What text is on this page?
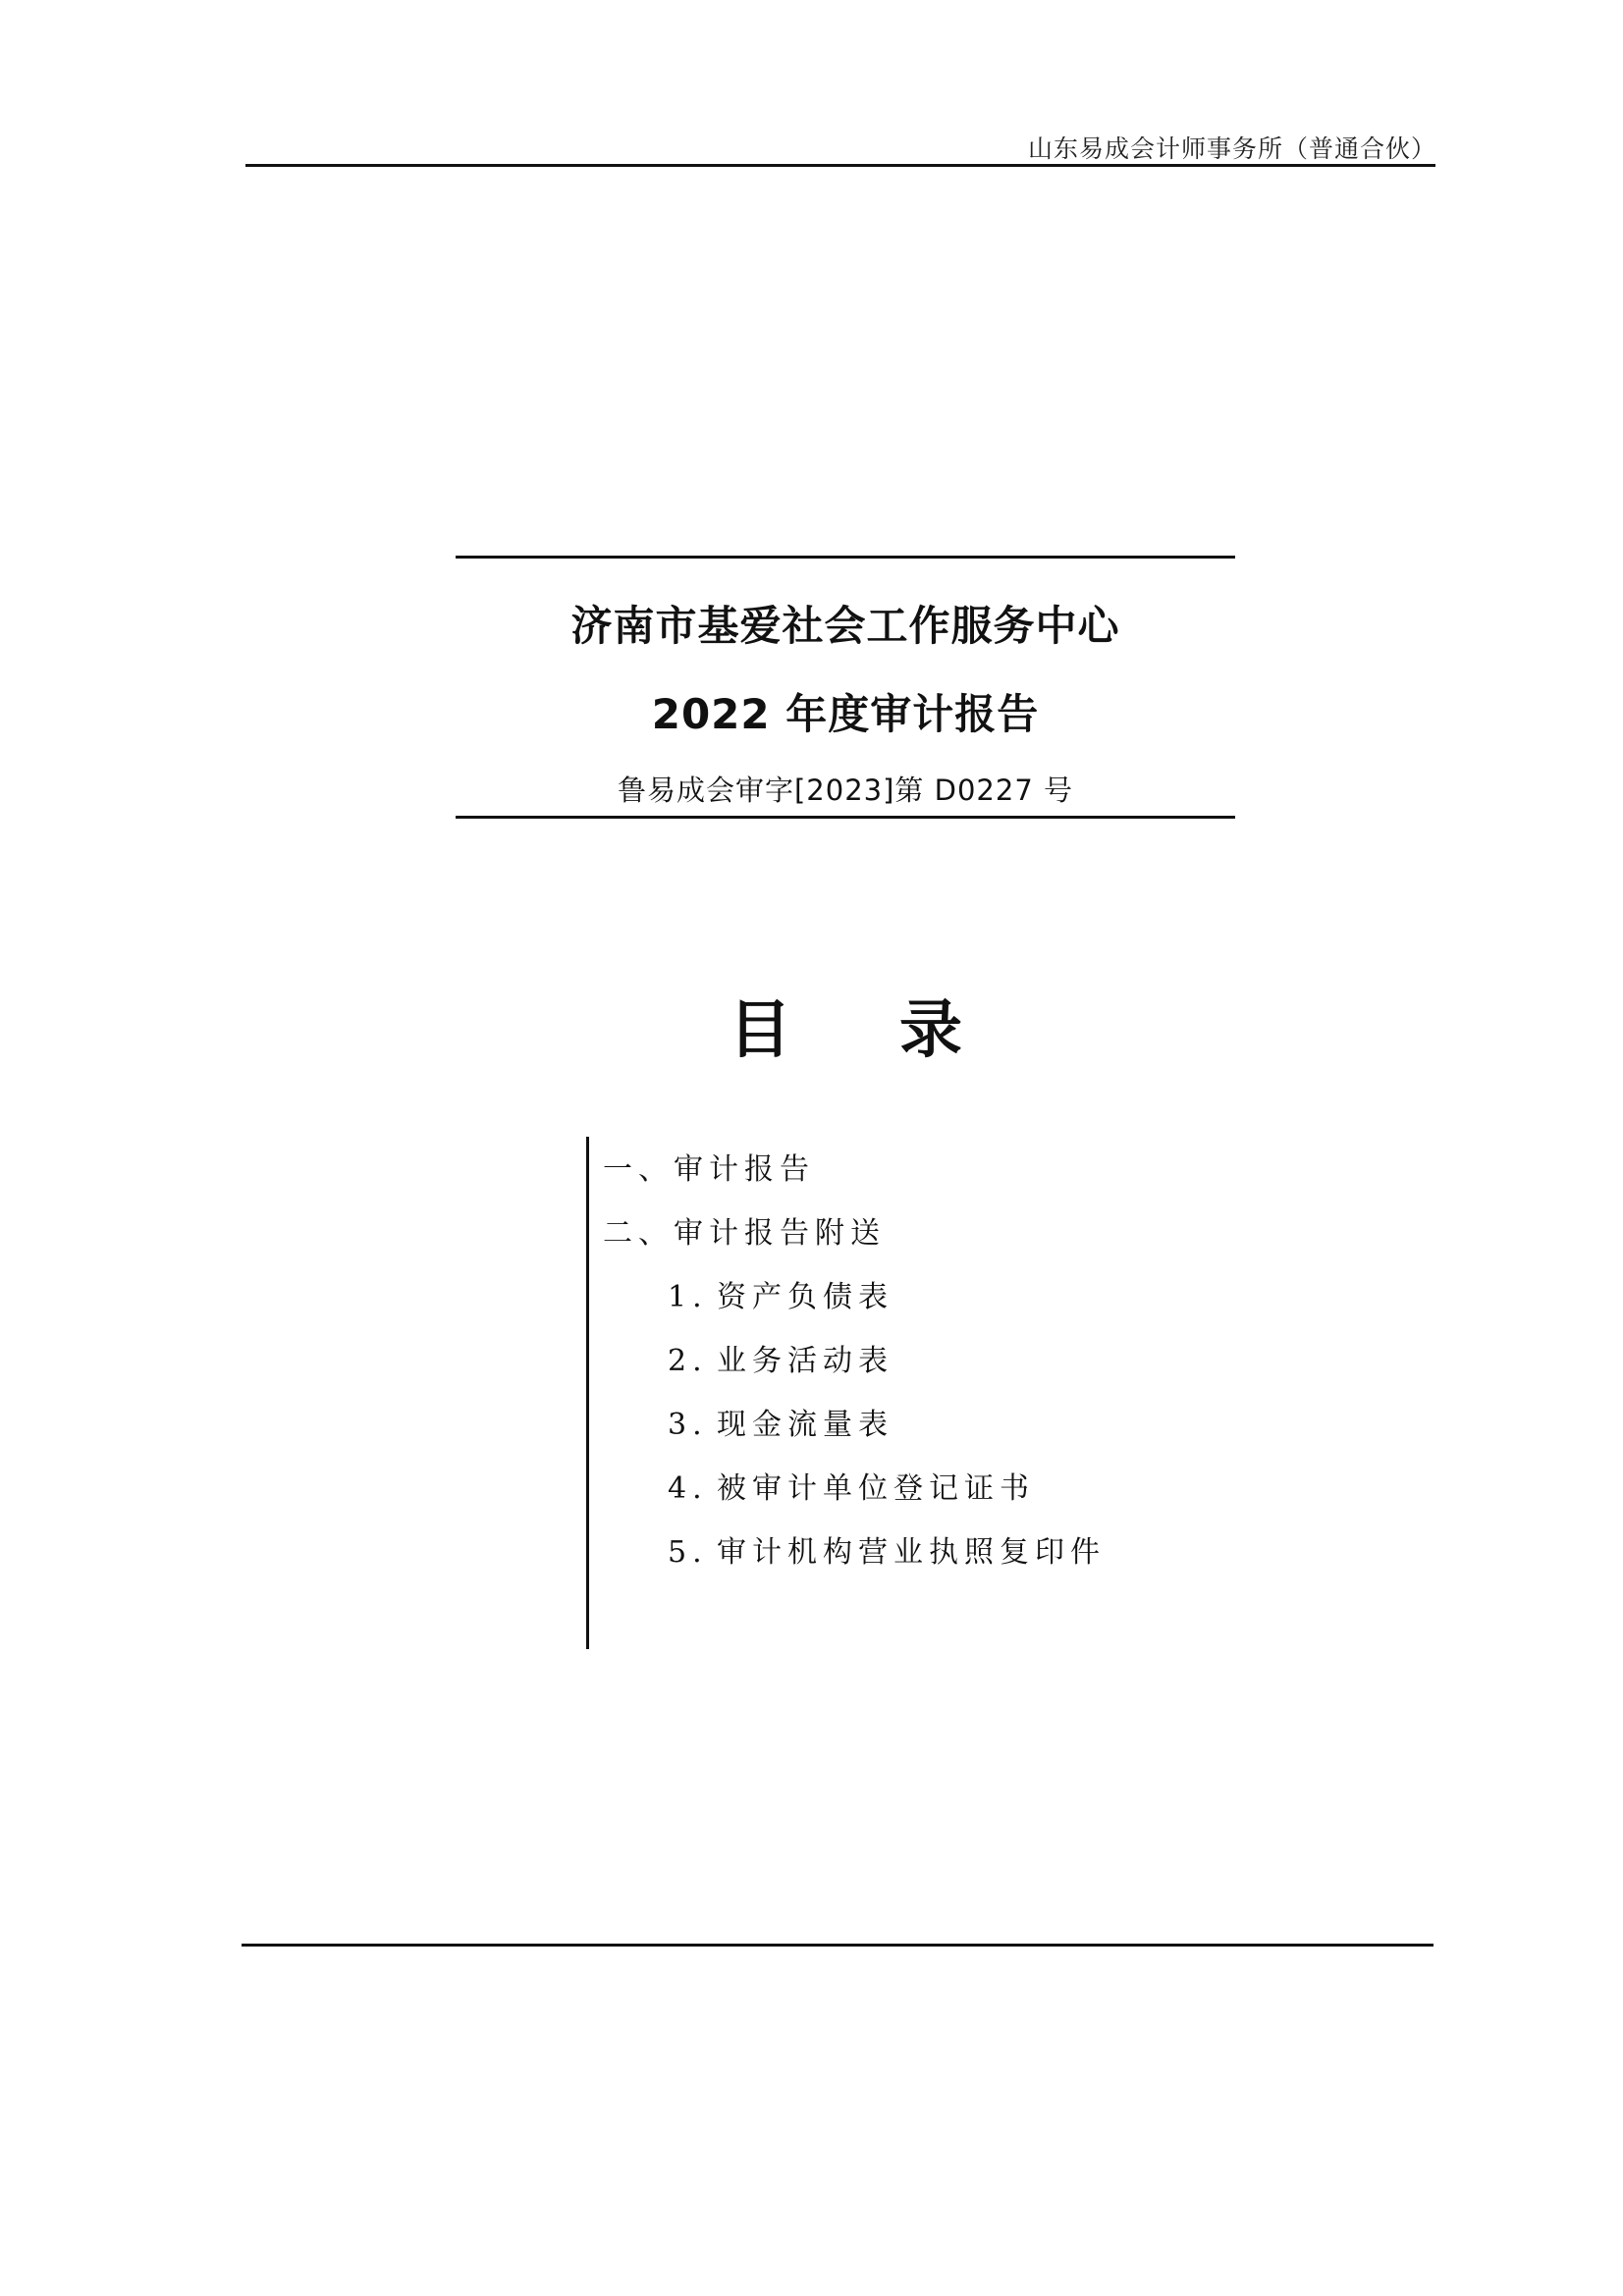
山东易成会计师事务所（普通合伙）
济南市基爱社会工作服务中心
2022 年度审计报告
鲁易成会审字[2023]第 D0227 号
目录
一、审计报告
二、审计报告附送
1. 资产负债表
2. 业务活动表
3. 现金流量表
4. 被审计单位登记证书
5. 审计机构营业执照复印件
